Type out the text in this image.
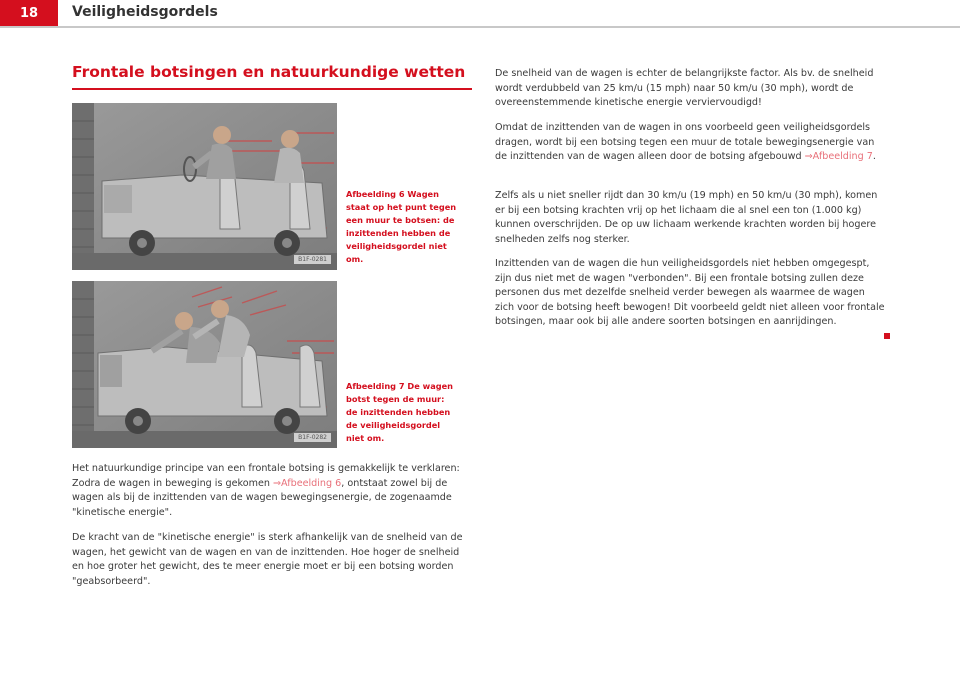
18	Veiligheidsgordels
Frontale botsingen en natuurkundige wetten
B1F-0281
Afbeelding 6 Wagen staat op het punt tegen een muur te botsen: de inzittenden hebben de veiligheidsgordel niet om.
B1F-0282
Afbeelding 7 De wagen botst tegen de muur: de inzittenden hebben de veiligheidsgordel niet om.

Het natuurkundige principe van een frontale botsing is gemakkelijk te verklaren: Zodra de wagen in beweging is gekomen ⇒Afbeelding 6, ontstaat zowel bij de wagen als bij de inzittenden van de wagen bewegingsenergie, de zogenaamde "kinetische energie".

De kracht van de "kinetische energie" is sterk afhankelijk van de snelheid van de wagen, het gewicht van de wagen en van de inzittenden. Hoe hoger de snelheid en hoe groter het gewicht, des te meer energie moet er bij een botsing worden "geabsorbeerd".

De snelheid van de wagen is echter de belangrijkste factor. Als bv. de snelheid wordt verdubbeld van 25 km/u (15 mph) naar 50 km/u (30 mph), wordt de overeenstemmende kinetische energie verviervoudigd!

Omdat de inzittenden van de wagen in ons voorbeeld geen veiligheidsgordels dragen, wordt bij een botsing tegen een muur de totale bewegingsenergie van de inzittenden van de wagen alleen door de botsing afgebouwd ⇒Afbeelding 7.

Zelfs als u niet sneller rijdt dan 30 km/u (19 mph) en 50 km/u (30 mph), komen er bij een botsing krachten vrij op het lichaam die al snel een ton (1.000 kg) kunnen overschrijden. De op uw lichaam werkende krachten worden bij hogere snelheden zelfs nog sterker.

Inzittenden van de wagen die hun veiligheidsgordels niet hebben omgegespt, zijn dus niet met de wagen "verbonden". Bij een frontale botsing zullen deze personen dus met dezelfde snelheid verder bewegen als waarmee de wagen zich voor de botsing heeft bewogen! Dit voorbeeld geldt niet alleen voor frontale botsingen, maar ook bij alle andere soorten botsingen en aanrijdingen.
